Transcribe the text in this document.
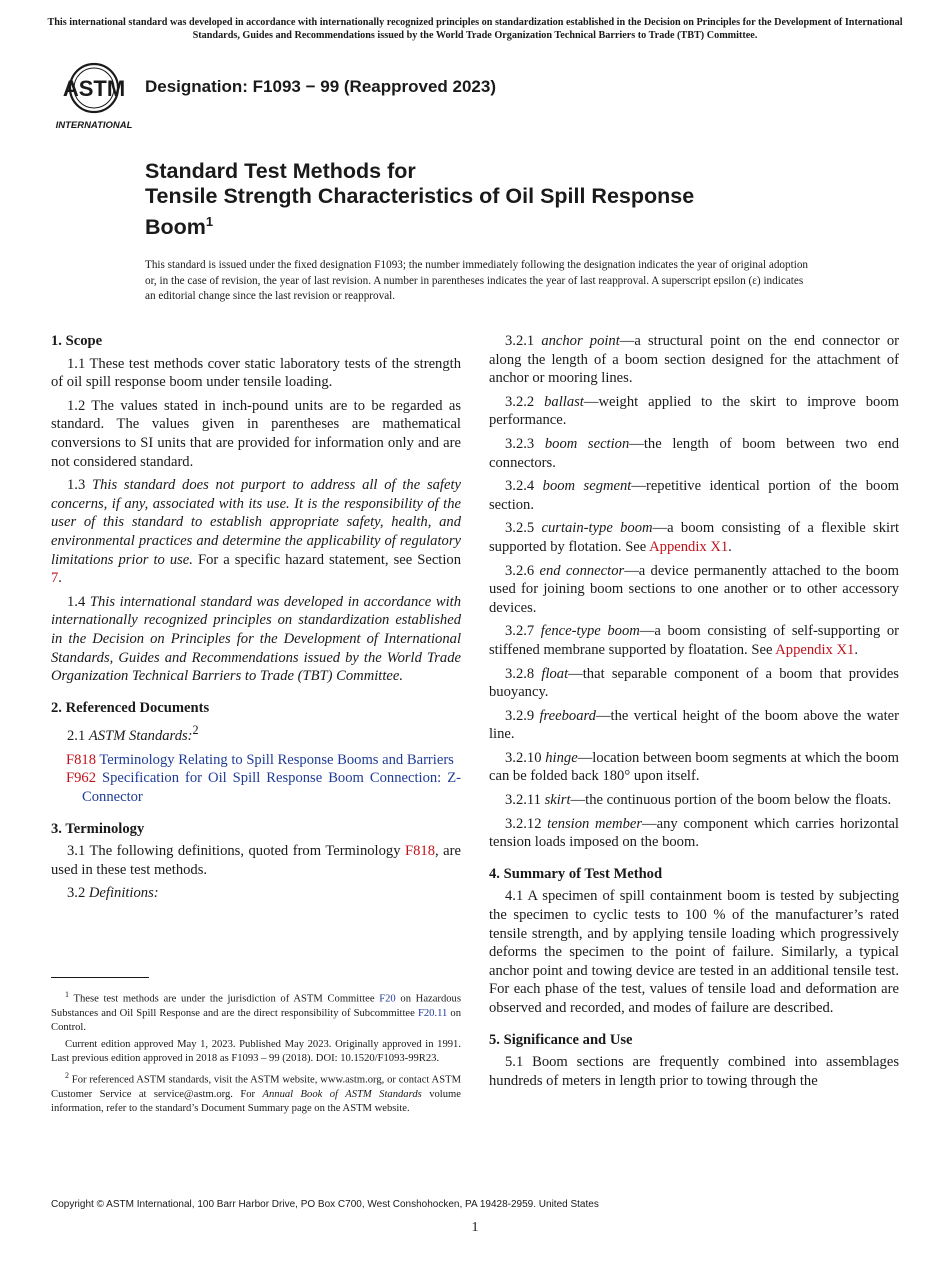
This international standard was developed in accordance with internationally recognized principles on standardization established in the Decision on Principles for the Development of International Standards, Guides and Recommendations issued by the World Trade Organization Technical Barriers to Trade (TBT) Committee.
ASTM
INTERNATIONAL
Designation: F1093 − 99 (Reapproved 2023)
Standard Test Methods for
Tensile Strength Characteristics of Oil Spill Response
Boom$^1$
This standard is issued under the fixed designation F1093; the number immediately following the designation indicates the year of original adoption or, in the case of revision, the year of last revision. A number in parentheses indicates the year of last reapproval. A superscript epsilon (ε) indicates an editorial change since the last revision or reapproval.
1. Scope

1.1 These test methods cover static laboratory tests of the strength of oil spill response boom under tensile loading.

1.2 The values stated in inch-pound units are to be regarded as standard. The values given in parentheses are mathematical conversions to SI units that are provided for information only and are not considered standard.

1.3 This standard does not purport to address all of the safety concerns, if any, associated with its use. It is the responsibility of the user of this standard to establish appropriate safety, health, and environmental practices and determine the applicability of regulatory limitations prior to use. For a specific hazard statement, see Section 7.

1.4 This international standard was developed in accordance with internationally recognized principles on standardization established in the Decision on Principles for the Development of International Standards, Guides and Recommendations issued by the World Trade Organization Technical Barriers to Trade (TBT) Committee.

2. Referenced Documents

2.1 ASTM Standards:$^2$

F818 Terminology Relating to Spill Response Booms and Barriers

F962 Specification for Oil Spill Response Boom Connection: Z-Connector

3. Terminology

3.1 The following definitions, quoted from Terminology F818, are used in these test methods.

3.2 Definitions:

$^1$ These test methods are under the jurisdiction of ASTM Committee F20 on Hazardous Substances and Oil Spill Response and are the direct responsibility of Subcommittee F20.11 on Control.

Current edition approved May 1, 2023. Published May 2023. Originally approved in 1991. Last previous edition approved in 2018 as F1093 – 99 (2018). DOI: 10.1520/F1093-99R23.

$^2$ For referenced ASTM standards, visit the ASTM website, www.astm.org, or contact ASTM Customer Service at service@astm.org. For Annual Book of ASTM Standards volume information, refer to the standard’s Document Summary page on the ASTM website.

3.2.1 anchor point—a structural point on the end connector or along the length of a boom section designed for the attachment of anchor or mooring lines.

3.2.2 ballast—weight applied to the skirt to improve boom performance.

3.2.3 boom section—the length of boom between two end connectors.

3.2.4 boom segment—repetitive identical portion of the boom section.

3.2.5 curtain-type boom—a boom consisting of a flexible skirt supported by flotation. See Appendix X1.

3.2.6 end connector—a device permanently attached to the boom used for joining boom sections to one another or to other accessory devices.

3.2.7 fence-type boom—a boom consisting of self-supporting or stiffened membrane supported by floatation. See Appendix X1.

3.2.8 float—that separable component of a boom that provides buoyancy.

3.2.9 freeboard—the vertical height of the boom above the water line.

3.2.10 hinge—location between boom segments at which the boom can be folded back 180° upon itself.

3.2.11 skirt—the continuous portion of the boom below the floats.

3.2.12 tension member—any component which carries horizontal tension loads imposed on the boom.

4. Summary of Test Method

4.1 A specimen of spill containment boom is tested by subjecting the specimen to cyclic tests to 100 % of the manufacturer’s rated tensile strength, and by applying tensile loading which progressively deforms the specimen to the point of failure. Similarly, a typical anchor point and towing device are tested in an additional tensile test. For each phase of the test, values of tensile load and deformation are observed and recorded, and modes of failure are described.

5. Significance and Use

5.1 Boom sections are frequently combined into assemblages hundreds of meters in length prior to towing through the

Copyright © ASTM International, 100 Barr Harbor Drive, PO Box C700, West Conshohocken, PA 19428-2959. United States
1
